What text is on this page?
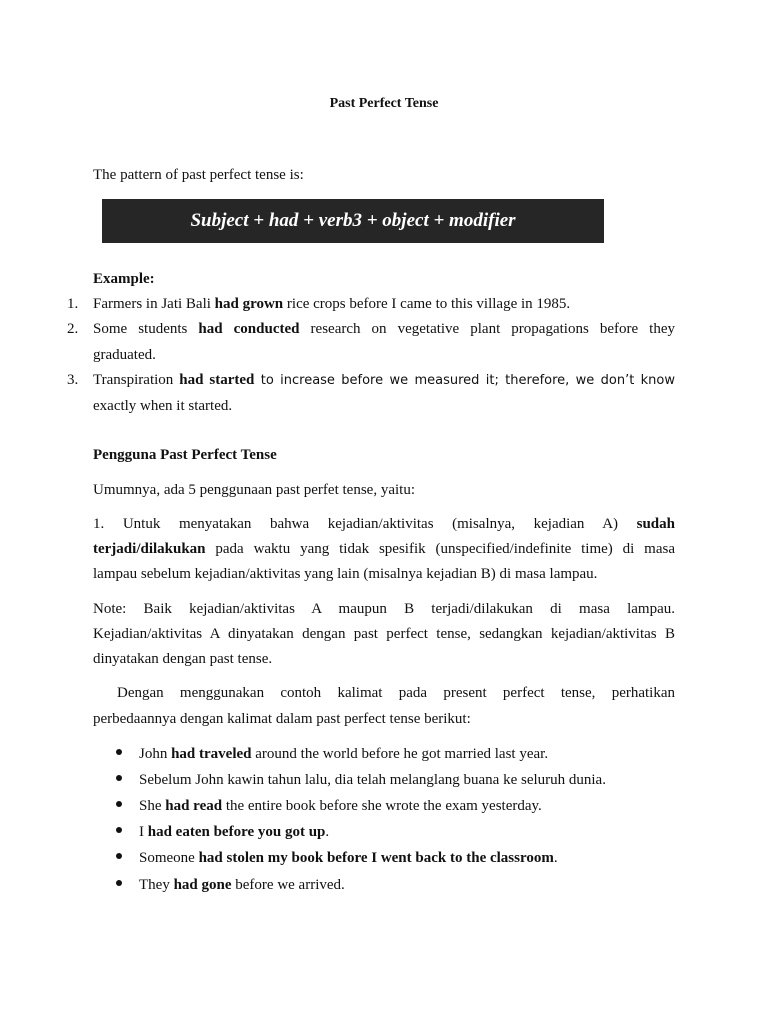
Past Perfect Tense
The pattern of past perfect tense is:
Subject + had + verb3 + object + modifier
Example:
1. Farmers in Jati Bali had grown rice crops before I came to this village in 1985.
2. Some students had conducted research on vegetative plant propagations before they
graduated.
3. Transpiration had started to increase before we measured it; therefore, we don’t know
exactly when it started.
Pengguna Past Perfect Tense
Umumnya, ada 5 penggunaan past perfet tense, yaitu:
1. Untuk menyatakan bahwa kejadian/aktivitas (misalnya, kejadian A) sudah
terjadi/dilakukan pada waktu yang tidak spesifik (unspecified/indefinite time) di masa
lampau sebelum kejadian/aktivitas yang lain (misalnya kejadian B) di masa lampau.
Note: Baik kejadian/aktivitas A maupun B terjadi/dilakukan di masa lampau.
Kejadian/aktivitas A dinyatakan dengan past perfect tense, sedangkan kejadian/aktivitas B
dinyatakan dengan past tense.
Dengan menggunakan contoh kalimat pada present perfect tense, perhatikan
perbedaannya dengan kalimat dalam past perfect tense berikut:
John had traveled around the world before he got married last year.
Sebelum John kawin tahun lalu, dia telah melanglang buana ke seluruh dunia.
She had read the entire book before she wrote the exam yesterday.
I had eaten before you got up.
Someone had stolen my book before I went back to the classroom.
They had gone before we arrived.
